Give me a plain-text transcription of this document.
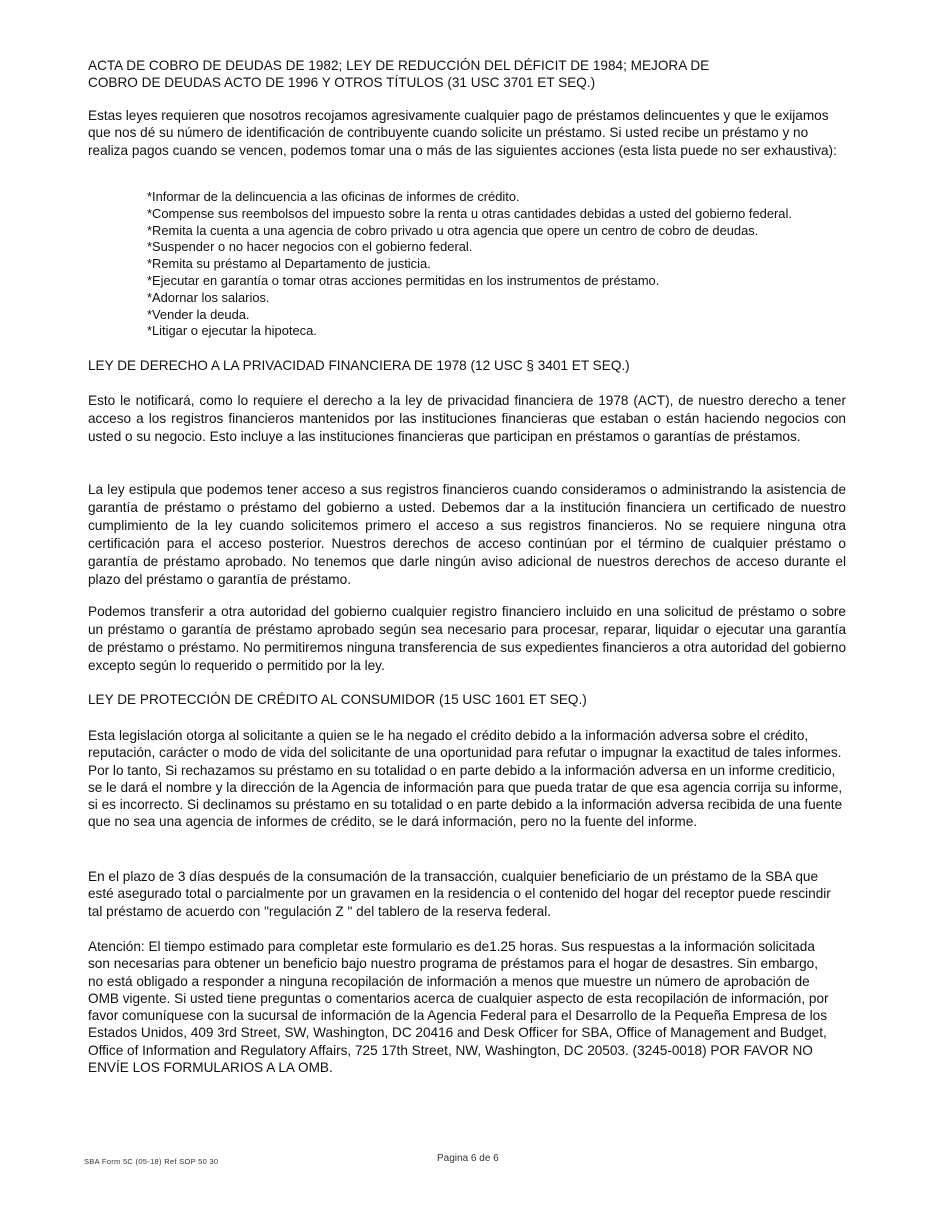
ACTA DE COBRO DE DEUDAS DE 1982; LEY DE REDUCCIÓN DEL DÉFICIT DE 1984; MEJORA DE COBRO DE DEUDAS ACTO DE 1996 Y OTROS TÍTULOS (31 USC 3701 ET SEQ.)
Estas leyes requieren que nosotros recojamos agresivamente cualquier pago de préstamos delincuentes y que le exijamos que nos dé su número de identificación de contribuyente cuando solicite un préstamo. Si usted recibe un préstamo y no realiza pagos cuando se vencen, podemos tomar una o más de las siguientes acciones (esta lista puede no ser exhaustiva):
*Informar de la delincuencia a las oficinas de informes de crédito.
*Compense sus reembolsos del impuesto sobre la renta u otras cantidades debidas a usted del gobierno federal.
*Remita la cuenta a una agencia de cobro privado u otra agencia que opere un centro de cobro de deudas.
*Suspender o no hacer negocios con el gobierno federal.
*Remita su préstamo al Departamento de justicia.
*Ejecutar en garantía o tomar otras acciones permitidas en los instrumentos de préstamo.
*Adornar los salarios.
*Vender la deuda.
*Litigar o ejecutar la hipoteca.
LEY DE DERECHO A LA PRIVACIDAD FINANCIERA DE 1978 (12 USC § 3401 ET SEQ.)
Esto le notificará, como lo requiere el derecho a la ley de privacidad financiera de 1978 (ACT), de nuestro derecho a tener acceso a los registros financieros mantenidos por las instituciones financieras que estaban o están haciendo negocios con usted o su negocio. Esto incluye a las instituciones financieras que participan en préstamos o garantías de préstamos.
La ley estipula que podemos tener acceso a sus registros financieros cuando consideramos o administrando la asistencia de garantía de préstamo o préstamo del gobierno a usted. Debemos dar a la institución financiera un certificado de nuestro cumplimiento de la ley cuando solicitemos primero el acceso a sus registros financieros. No se requiere ninguna otra certificación para el acceso posterior. Nuestros derechos de acceso continúan por el término de cualquier préstamo o garantía de préstamo aprobado. No tenemos que darle ningún aviso adicional de nuestros derechos de acceso durante el plazo del préstamo o garantía de préstamo.
Podemos transferir a otra autoridad del gobierno cualquier registro financiero incluido en una solicitud de préstamo o sobre un préstamo o garantía de préstamo aprobado según sea necesario para procesar, reparar, liquidar o ejecutar una garantía de préstamo o préstamo. No permitiremos ninguna transferencia de sus expedientes financieros a otra autoridad del gobierno excepto según lo requerido o permitido por la ley.
LEY DE PROTECCIÓN DE CRÉDITO AL CONSUMIDOR (15 USC 1601 ET SEQ.)
Esta legislación otorga al solicitante a quien se le ha negado el crédito debido a la información adversa sobre el crédito, reputación, carácter o modo de vida del solicitante de una oportunidad para refutar o impugnar la exactitud de tales informes. Por lo tanto, Si rechazamos su préstamo en su totalidad o en parte debido a la información adversa en un informe crediticio, se le dará el nombre y la dirección de la Agencia de información para que pueda tratar de que esa agencia corrija su informe, si es incorrecto. Si declinamos su préstamo en su totalidad o en parte debido a la información adversa recibida de una fuente que no sea una agencia de informes de crédito, se le dará información, pero no la fuente del informe.
En el plazo de 3 días después de la consumación de la transacción, cualquier beneficiario de un préstamo de la SBA que esté asegurado total o parcialmente por un gravamen en la residencia o el contenido del hogar del receptor puede rescindir tal préstamo de acuerdo con "regulación Z " del tablero de la reserva federal.
Atención: El tiempo estimado para completar este formulario es de1.25 horas. Sus respuestas a la información solicitada son necesarias para obtener un beneficio bajo nuestro programa de préstamos para el hogar de desastres. Sin embargo, no está obligado a responder a ninguna recopilación de información a menos que muestre un número de aprobación de OMB vigente. Si usted tiene preguntas o comentarios acerca de cualquier aspecto de esta recopilación de información, por favor comuníquese con la sucursal de información de la Agencia Federal para el Desarrollo de la Pequeña Empresa de los Estados Unidos, 409 3rd Street, SW, Washington, DC 20416 and Desk Officer for SBA, Office of Management and Budget, Office of Information and Regulatory Affairs, 725 17th Street, NW, Washington, DC 20503. (3245-0018) POR FAVOR NO ENVÍE LOS FORMULARIOS A LA OMB.
SBA Form 5C (05-18) Ref SOP 50 30	Pagina 6 de 6
